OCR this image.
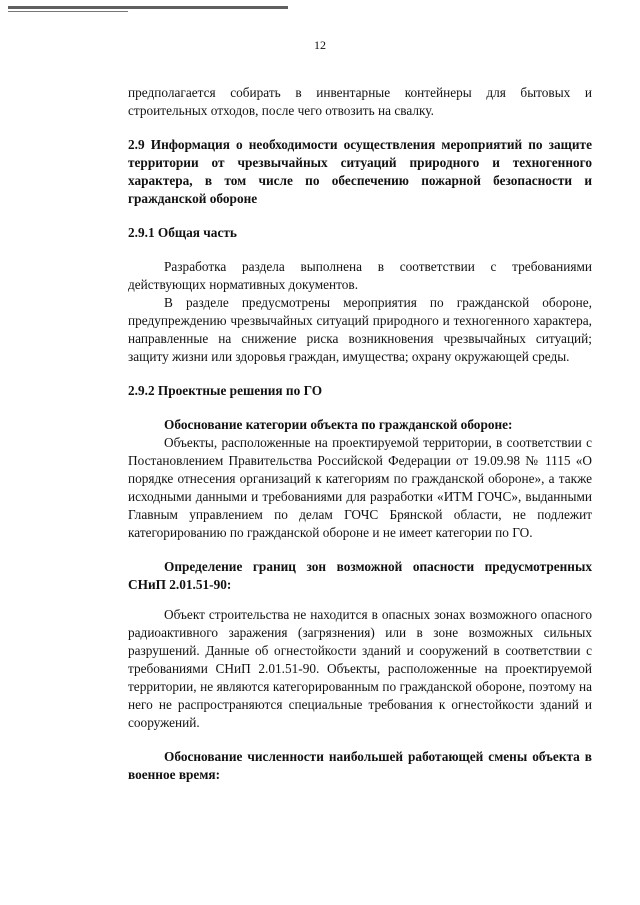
12

предполагается собирать в инвентарные контейнеры для бытовых и строительных отходов, после чего отвозить на свалку.

2.9 Информация о необходимости осуществления мероприятий по защите территории от чрезвычайных ситуаций природного и техногенного характера, в том числе по обеспечению пожарной безопасности и гражданской обороне

2.9.1 Общая часть

Разработка раздела выполнена в соответствии с требованиями действующих нормативных документов.

В разделе предусмотрены мероприятия по гражданской обороне, предупреждению чрезвычайных ситуаций природного и техногенного характера, направленные на снижение риска возникновения чрезвычайных ситуаций; защиту жизни или здоровья граждан, имущества; охрану окружающей среды.

2.9.2 Проектные решения по ГО

Обоснование категории объекта по гражданской обороне:

Объекты, расположенные на проектируемой территории, в соответствии с Постановлением Правительства Российской Федерации от 19.09.98 № 1115 «О порядке отнесения организаций к категориям по гражданской обороне», а также исходными данными и требованиями для разработки «ИТМ ГОЧС», выданными Главным управлением по делам ГОЧС Брянской области, не подлежит категорированию по гражданской обороне и не имеет категории по ГО.

Определение границ зон возможной опасности предусмотренных СНиП 2.01.51-90:

Объект строительства не находится в опасных зонах возможного опасного радиоактивного заражения (загрязнения) или в зоне возможных сильных разрушений. Данные об огнестойкости зданий и сооружений в соответствии с требованиями СНиП 2.01.51-90. Объекты, расположенные на проектируемой территории, не являются категорированным по гражданской обороне, поэтому на него не распространяются специальные требования к огнестойкости зданий и сооружений.

Обоснование численности наибольшей работающей смены объекта в военное время:
